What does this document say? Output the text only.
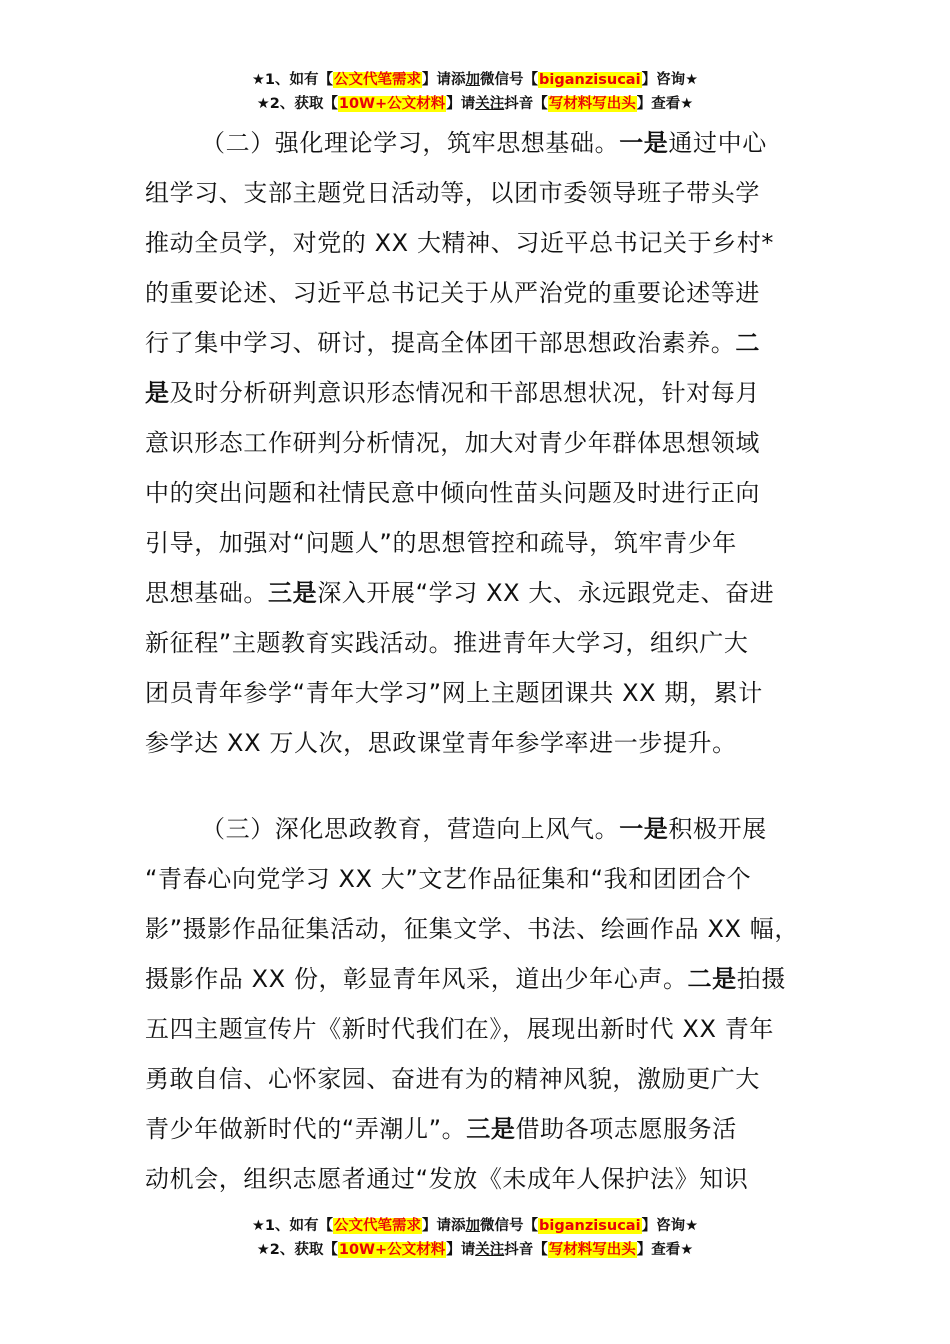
★1、如有【公文代笔需求】请添加微信号【biganzisucai】咨询★
★2、获取【10W+公文材料】请关注抖音【写材料写出头】查看★
（二）强化理论学习，筑牢思想基础。一是通过中心
组学习、支部主题党日活动等，以团市委领导班子带头学
推动全员学，对党的 XX 大精神、习近平总书记关于乡村*
的重要论述、习近平总书记关于从严治党的重要论述等进
行了集中学习、研讨，提高全体团干部思想政治素养。二
是及时分析研判意识形态情况和干部思想状况，针对每月
意识形态工作研判分析情况，加大对青少年群体思想领域
中的突出问题和社情民意中倾向性苗头问题及时进行正向
引导，加强对“问题人”的思想管控和疏导，筑牢青少年
思想基础。三是深入开展“学习 XX 大、永远跟党走、奋进
新征程”主题教育实践活动。推进青年大学习，组织广大
团员青年参学“青年大学习”网上主题团课共 XX 期，累计
参学达 XX 万人次，思政课堂青年参学率进一步提升。
（三）深化思政教育，营造向上风气。一是积极开展
“青春心向党学习 XX 大”文艺作品征集和“我和团团合个
影”摄影作品征集活动，征集文学、书法、绘画作品 XX 幅，
摄影作品 XX 份，彰显青年风采，道出少年心声。二是拍摄
五四主题宣传片《新时代我们在》，展现出新时代 XX 青年
勇敢自信、心怀家园、奋进有为的精神风貌，激励更广大
青少年做新时代的“弄潮儿”。三是借助各项志愿服务活
动机会，组织志愿者通过“发放《未成年人保护法》知识
★1、如有【公文代笔需求】请添加微信号【biganzisucai】咨询★
★2、获取【10W+公文材料】请关注抖音【写材料写出头】查看★
